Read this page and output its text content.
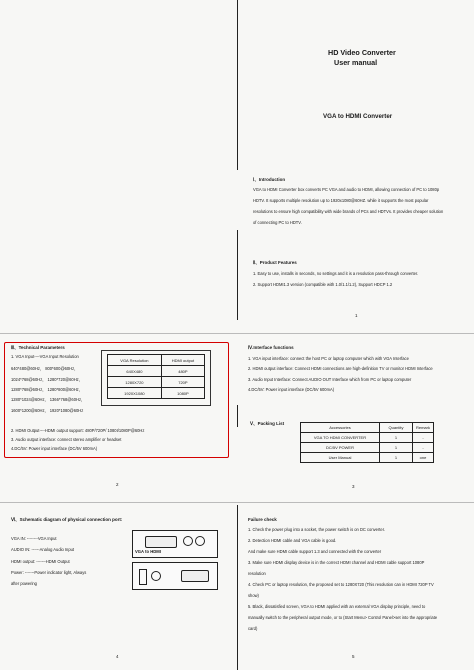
HD Video Converter
User manual
VGA to HDMI Converter
Ⅰ、Introduction
VGA to HDMI Converter box converts PC VGA and audio to HDMI, allowing connection of PC to 1080p
HDTV. It supports multiple resolution up to 1920x1080@60HZ. while it supports the most popular
resolutions to ensure high compatibility with wide brands of PCs and HDTVs. It provides cheaper solution
of connecting PC to HDTV.
Ⅱ、Product Features
1. Easy to use, installs in seconds, no settings and it is a resolution pass-through converter.
2. Support HDMI1.3 version (compatible with 1.0/1.1/1.2), Support HDCP 1.2
1
Ⅲ、Technical Parameters
1. VGA Input----VGA Input Resolution
640*480@60Hz， 800*600@60Hz，
1024*768@60Hz， 1280*720@60Hz，
1280*768@60Hz， 1280*800@60Hz，
1280*1024@60Hz， 1366*768@60Hz，
1600*1200@60Hz， 1920*1080@60Hz
VGA Resolution	HDMI output
640X480	480P
1280X720	720P
1920X1080	1080P
2. HDMI Output----HDMI output support: 480P/720P/ 1080I/1080P@60Hz
3. Audio output interface: connect stereo amplifier or headset
4.DC/5V: Power input interface (DC/5V 600mA)
2
Ⅳ.Interface functions
1. VGA input interface: connect the host PC or laptop computer which with VGA Interface
2. HDMI output interface: Connect HDMI connections are high-definition TV or monitor HDMI Interface
3. Audio Input Interface: Connect AUDIO OUT Interface which from PC or laptop computer
4.DC/5V: Power input interface (DC/5V 600mA)
Ⅴ、Packing List
Accessories	Quantity	Remark
VGA TO HDMI CONVERTER	1	-
DC/5V POWER	1	-
User Manual	1	one
3
Ⅵ、Schematic diagram of physical connection port:
VGA IN: --------VGA Input
AUDIO IN: ------Analog Audio Input
HDMI output: -------HDMI Output
Power: -------Power indicator light, Always
after powering
VGA to HDMI
4
Failure check
1. Check the power plug into a socket, the power switch is on DC converter.
2. Detection HDMI cable and VGA cable is good.
And make sure HDMI cable support 1.3 and connected with the converter
3. Make sure HDMI display device is in the correct HDMI channel and HDMI cable support 1080P
resolution
4. Check PC or laptop resolution, the proposed set to 1280X720 (This resolution can in HDMI 720P TV
show)
5. Black, dissatisfied screen, VGA to HDMI applied with an external VGA display principle, need to
manually switch to the peripheral output mode, or to (Start Menu> Control Panel>set into the appropriate
card)
5
